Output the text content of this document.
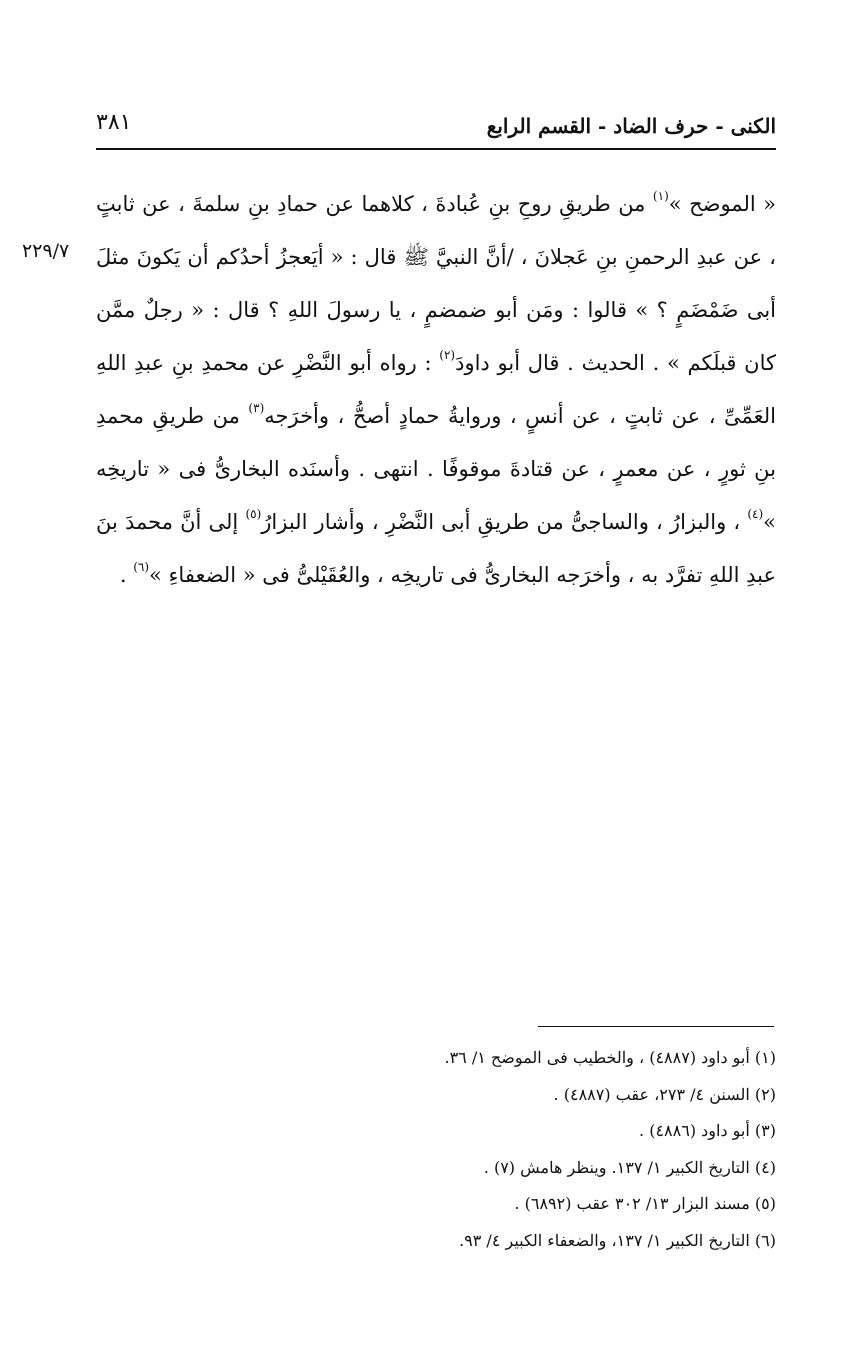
الكنى - حرف الضاد - القسم الرابع
٣٨١
٢٢٩/٧

« الموضح »$^{(١)}$ من طريقِ روحِ بنِ عُبادةَ ، كلاهما عن حمادِ بنِ سلمةَ ، عن ثابتٍ ، عن عبدِ الرحمنِ بنِ عَجلانَ ، /أنَّ النبيَّ ﷺ قال : « أيَعجزُ أحدُكم أن يَكونَ مثلَ أبى ضَمْضَمٍ ؟ » قالوا : ومَن أبو ضمضمٍ ، يا رسولَ اللهِ ؟ قال : « رجلٌ ممَّن كان قبلَكم » . الحديث . قال أبو داودَ$^{(٢)}$ : رواه أبو النَّضْرِ عن محمدِ بنِ عبدِ اللهِ العَمِّىِّ ، عن ثابتٍ ، عن أنسٍ ، وروايةُ حمادٍ أصحُّ ، وأخرَجه$^{(٣)}$ من طريقِ محمدِ بنِ ثورٍ ، عن معمرٍ ، عن قتادةَ موقوفًا . انتهى . وأسنَده البخارىُّ فى « تاريخِه »$^{(٤)}$ ، والبزارُ ، والساجىُّ من طريقِ أبى النَّضْرِ ، وأشار البزارُ$^{(٥)}$ إلى أنَّ محمدَ بنَ عبدِ اللهِ تفرَّد به ، وأخرَجه البخارىُّ فى تاريخِه ، والعُقَيْلىُّ فى « الضعفاءِ »$^{(٦)}$ .

(١) أبو داود (٤٨٨٧) ، والخطيب فى الموضح ١/ ٣٦.
(٢) السنن ٤/ ٢٧٣، عقب (٤٨٨٧) .
(٣) أبو داود (٤٨٨٦) .
(٤) التاريخ الكبير ١/ ١٣٧. وينظر هامش (٧) .
(٥) مسند البزار ١٣/ ٣٠٢ عقب (٦٨٩٢) .
(٦) التاريخ الكبير ١/ ١٣٧، والضعفاء الكبير ٤/ ٩٣.
